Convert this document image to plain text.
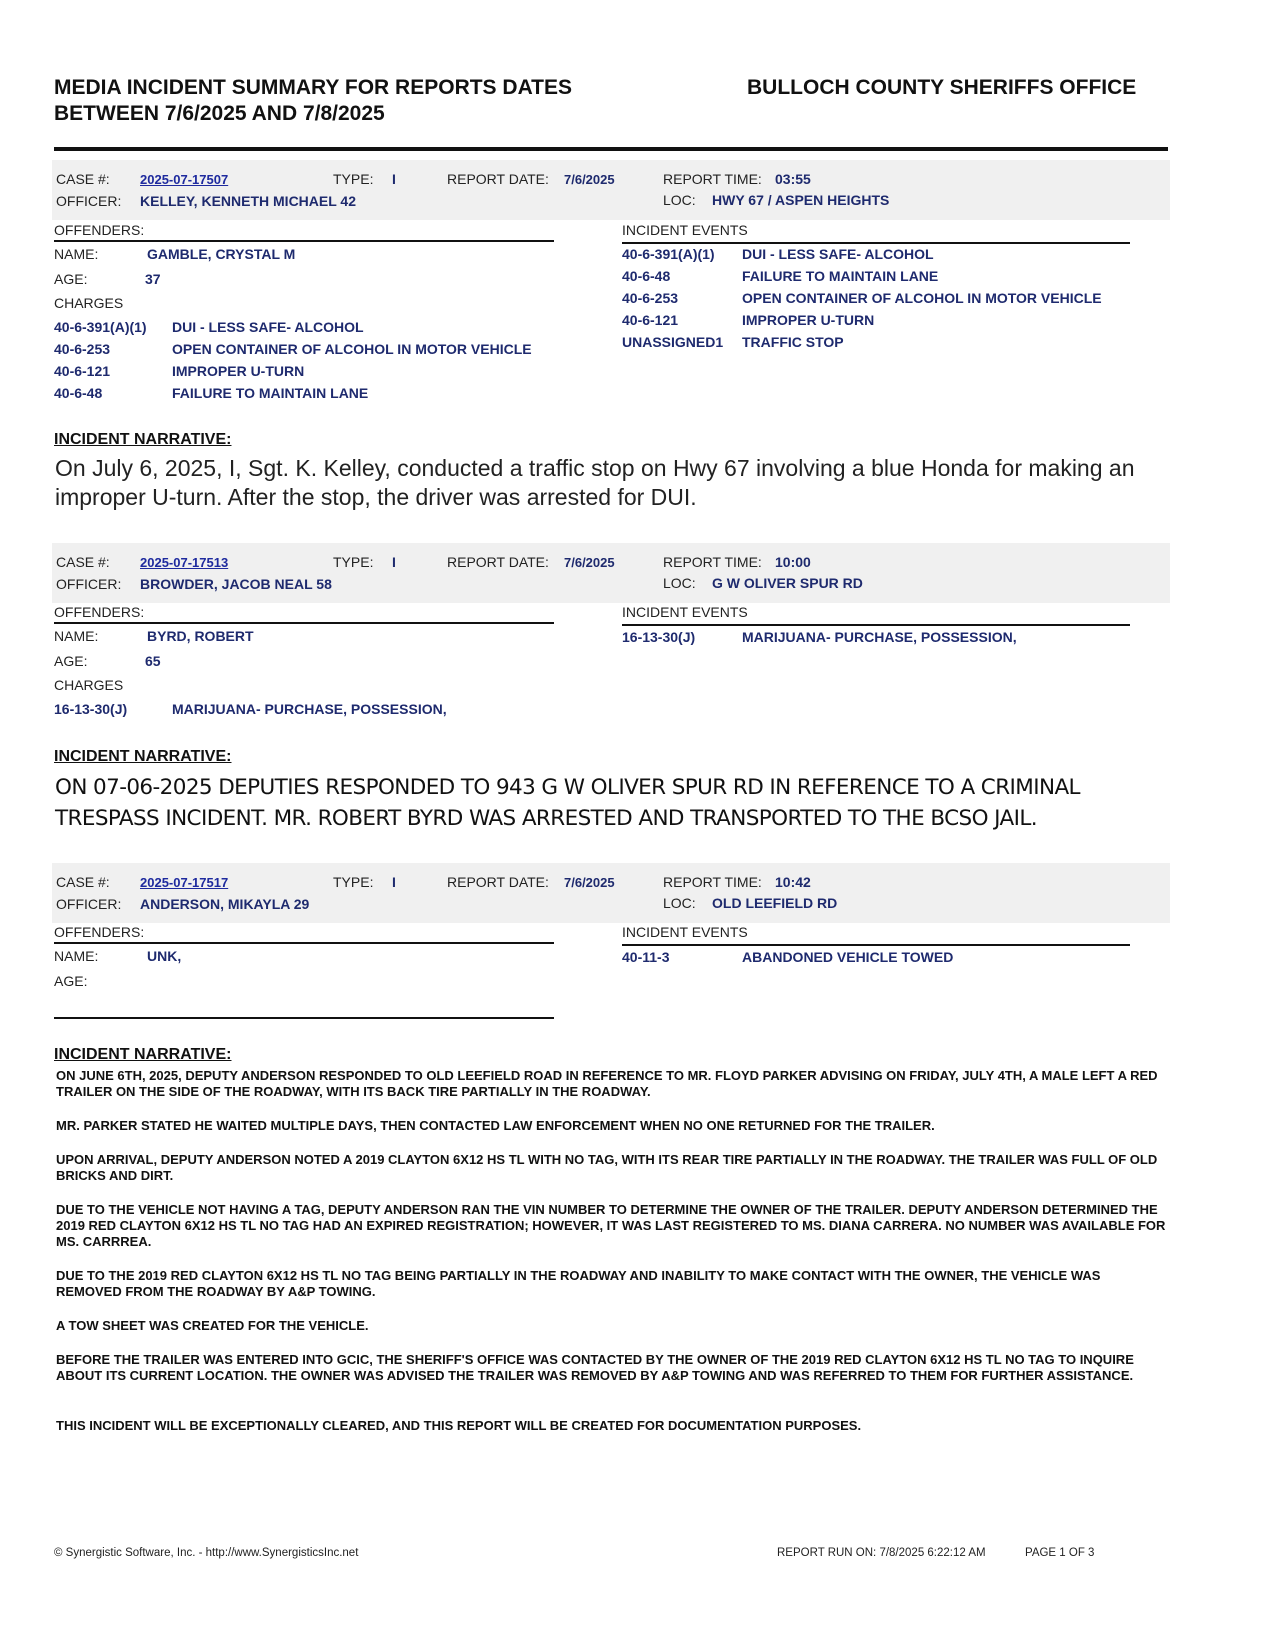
MEDIA INCIDENT SUMMARY FOR REPORTS DATES
BETWEEN 7/6/2025 AND 7/8/2025
BULLOCH COUNTY SHERIFFS OFFICE
CASE #: 2025-07-17507	TYPE: I	REPORT DATE: 7/6/2025	REPORT TIME: 03:55
OFFICER: KELLEY, KENNETH MICHAEL 42	LOC: HWY 67 / ASPEN HEIGHTS
OFFENDERS:	INCIDENT EVENTS
NAME:	GAMBLE, CRYSTAL M
AGE:	37
CHARGES
40-6-391(A)(1) DUI - LESS SAFE- ALCOHOL
40-6-253	OPEN CONTAINER OF ALCOHOL IN MOTOR VEHICLE
40-6-121	IMPROPER U-TURN
40-6-48	FAILURE TO MAINTAIN LANE
40-6-391(A)(1) DUI - LESS SAFE- ALCOHOL
40-6-48	FAILURE TO MAINTAIN LANE
40-6-253	OPEN CONTAINER OF ALCOHOL IN MOTOR VEHICLE
40-6-121	IMPROPER U-TURN
UNASSIGNED1 TRAFFIC STOP
INCIDENT NARRATIVE:
On July 6, 2025, I, Sgt. K. Kelley, conducted a traffic stop on Hwy 67 involving a blue Honda for making an improper U-turn. After the stop, the driver was arrested for DUI.
CASE #: 2025-07-17513	TYPE: I	REPORT DATE: 7/6/2025	REPORT TIME: 10:00
OFFICER: BROWDER, JACOB NEAL 58	LOC: G W OLIVER SPUR RD
OFFENDERS:	INCIDENT EVENTS
NAME:	BYRD, ROBERT
AGE:	65
CHARGES
16-13-30(J)	MARIJUANA- PURCHASE, POSSESSION,
16-13-30(J)	MARIJUANA- PURCHASE, POSSESSION,
INCIDENT NARRATIVE:
ON 07-06-2025 DEPUTIES RESPONDED TO 943 G W OLIVER SPUR RD IN REFERENCE TO A CRIMINAL TRESPASS INCIDENT. MR. ROBERT BYRD WAS ARRESTED AND TRANSPORTED TO THE BCSO JAIL.
CASE #: 2025-07-17517	TYPE: I	REPORT DATE: 7/6/2025	REPORT TIME: 10:42
OFFICER: ANDERSON, MIKAYLA 29	LOC: OLD LEEFIELD RD
OFFENDERS:	INCIDENT EVENTS
NAME:	UNK,
AGE:
40-11-3	ABANDONED VEHICLE TOWED
INCIDENT NARRATIVE:
ON JUNE 6TH, 2025, DEPUTY ANDERSON RESPONDED TO OLD LEEFIELD ROAD IN REFERENCE TO MR. FLOYD PARKER ADVISING ON FRIDAY, JULY 4TH, A MALE LEFT A RED TRAILER ON THE SIDE OF THE ROADWAY, WITH ITS BACK TIRE PARTIALLY IN THE ROADWAY.
MR. PARKER STATED HE WAITED MULTIPLE DAYS, THEN CONTACTED LAW ENFORCEMENT WHEN NO ONE RETURNED FOR THE TRAILER.
UPON ARRIVAL, DEPUTY ANDERSON NOTED A 2019 CLAYTON 6X12 HS TL WITH NO TAG, WITH ITS REAR TIRE PARTIALLY IN THE ROADWAY. THE TRAILER WAS FULL OF OLD BRICKS AND DIRT.
DUE TO THE VEHICLE NOT HAVING A TAG, DEPUTY ANDERSON RAN THE VIN NUMBER TO DETERMINE THE OWNER OF THE TRAILER. DEPUTY ANDERSON DETERMINED THE 2019 RED CLAYTON 6X12 HS TL NO TAG HAD AN EXPIRED REGISTRATION; HOWEVER, IT WAS LAST REGISTERED TO MS. DIANA CARRERA. NO NUMBER WAS AVAILABLE FOR MS. CARRREA.
DUE TO THE 2019 RED CLAYTON 6X12 HS TL NO TAG BEING PARTIALLY IN THE ROADWAY AND INABILITY TO MAKE CONTACT WITH THE OWNER, THE VEHICLE WAS REMOVED FROM THE ROADWAY BY A&P TOWING.
A TOW SHEET WAS CREATED FOR THE VEHICLE.
BEFORE THE TRAILER WAS ENTERED INTO GCIC, THE SHERIFF'S OFFICE WAS CONTACTED BY THE OWNER OF THE 2019 RED CLAYTON 6X12 HS TL NO TAG TO INQUIRE ABOUT ITS CURRENT LOCATION. THE OWNER WAS ADVISED THE TRAILER WAS REMOVED BY A&P TOWING AND WAS REFERRED TO THEM FOR FURTHER ASSISTANCE.
THIS INCIDENT WILL BE EXCEPTIONALLY CLEARED, AND THIS REPORT WILL BE CREATED FOR DOCUMENTATION PURPOSES.
© Synergistic Software, Inc. - http://www.SynergisticsInc.net	REPORT RUN ON: 7/8/2025 6:22:12 AM	PAGE 1 OF 3
